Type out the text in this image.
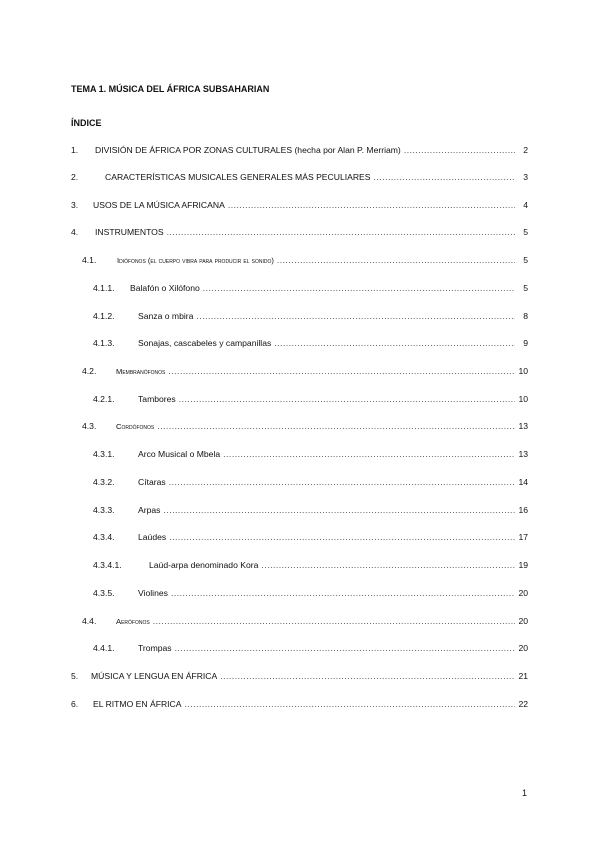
TEMA 1. MÚSICA DEL ÁFRICA SUBSAHARIAN
ÍNDICE
1.	DIVISIÓN DE ÁFRICA POR ZONAS CULTURALES (hecha por Alan P. Merriam) .....	2
2.	CARACTERÍSTICAS MUSICALES GENERALES MÁS PECULIARES .....	3
3.	USOS DE LA MÚSICA AFRICANA .....	4
4.	INSTRUMENTOS .....	5
4.1.	Idiófonos (el cuerpo vibra para producir el sonido) .....	5
4.1.1.	Balafón o Xilófono .....	5
4.1.2.	Sanza o mbira .....	8
4.1.3.	Sonajas, cascabeles y campanillas .....	9
4.2.	Membranófonos .....	10
4.2.1.	Tambores .....	10
4.3.	Cordófonos .....	13
4.3.1.	Arco Musical o Mbela .....	13
4.3.2.	Cítaras .....	14
4.3.3.	Arpas .....	16
4.3.4.	Laúdes .....	17
4.3.4.1.	Laúd-arpa denominado Kora .....	19
4.3.5.	Violines .....	20
4.4.	Aerófonos .....	20
4.4.1.	Trompas .....	20
5.	MÚSICA Y LENGUA EN ÁFRICA .....	21
6.	EL RITMO EN ÁFRICA .....	22
1
